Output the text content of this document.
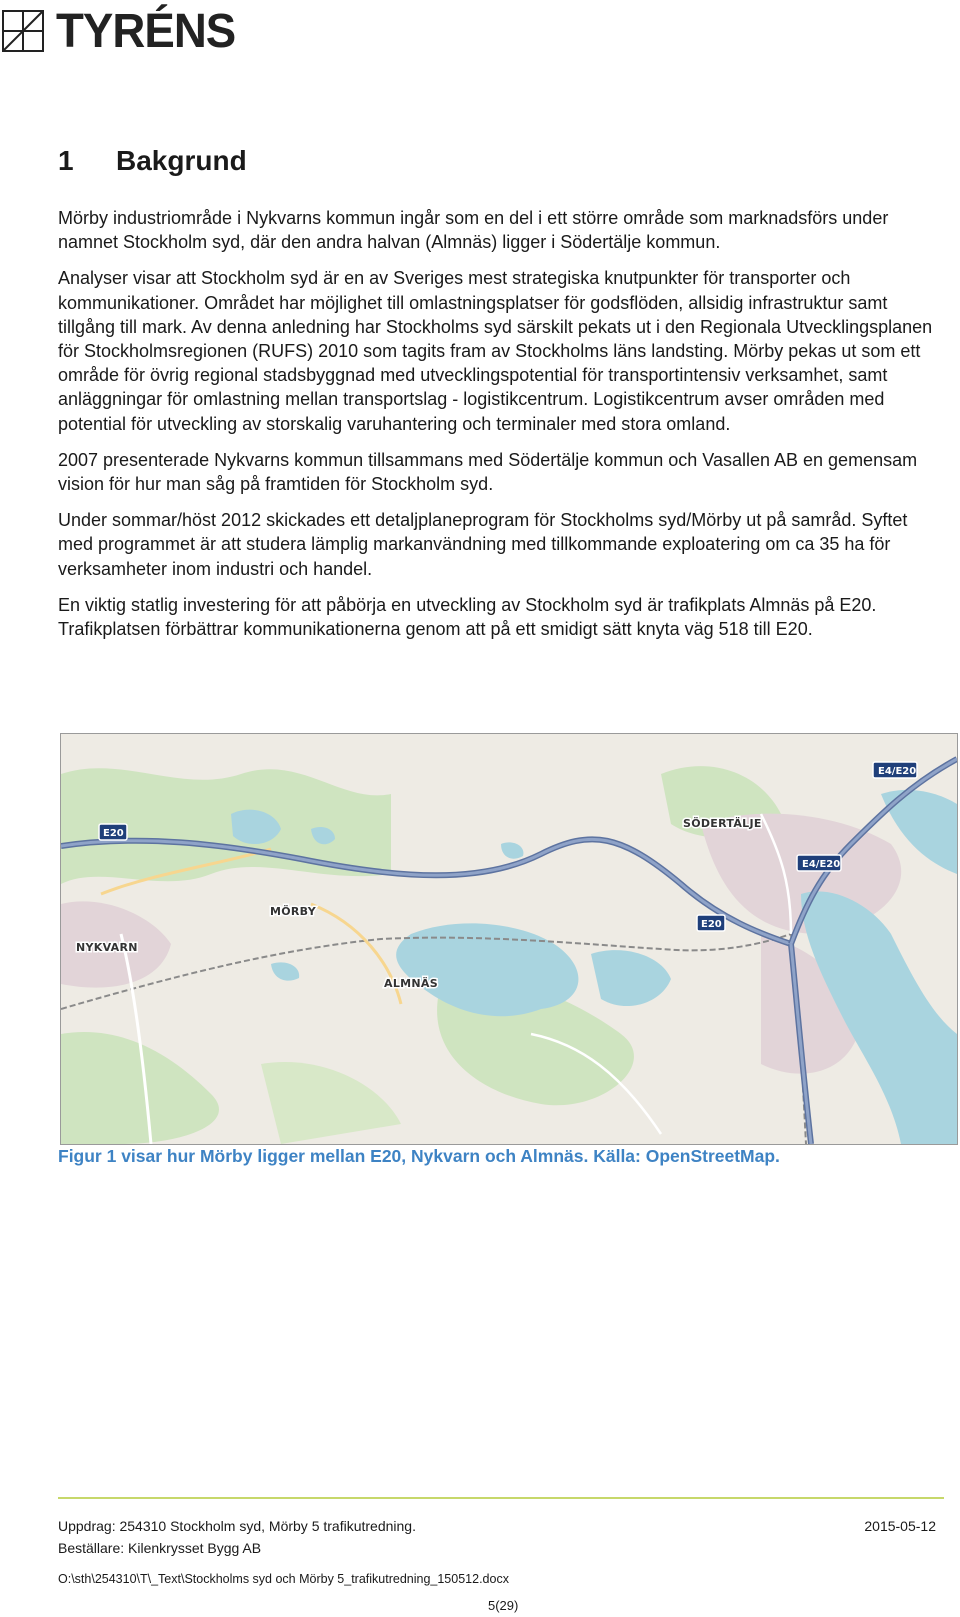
TYRÉNS
1 Bakgrund

Mörby industriområde i Nykvarns kommun ingår som en del i ett större område som marknadsförs under namnet Stockholm syd, där den andra halvan (Almnäs) ligger i Södertälje kommun.

Analyser visar att Stockholm syd är en av Sveriges mest strategiska knutpunkter för transporter och kommunikationer. Området har möjlighet till omlastningsplatser för godsflöden, allsidig infrastruktur samt tillgång till mark. Av denna anledning har Stockholms syd särskilt pekats ut i den Regionala Utvecklingsplanen för Stockholmsregionen (RUFS) 2010 som tagits fram av Stockholms läns landsting. Mörby pekas ut som ett område för övrig regional stadsbyggnad med utvecklingspotential för transportintensiv verksamhet, samt anläggningar för omlastning mellan transportslag - logistikcentrum. Logistikcentrum avser områden med potential för utveckling av storskalig varuhantering och terminaler med stora omland.

2007 presenterade Nykvarns kommun tillsammans med Södertälje kommun och Vasallen AB en gemensam vision för hur man såg på framtiden för Stockholm syd.

Under sommar/höst 2012 skickades ett detaljplaneprogram för Stockholms syd/Mörby ut på samråd. Syftet med programmet är att studera lämplig markanvändning med tillkommande exploatering om ca 35 ha för verksamheter inom industri och handel.

En viktig statlig investering för att påbörja en utveckling av Stockholm syd är trafikplats Almnäs på E20. Trafikplatsen förbättrar kommunikationerna genom att på ett smidigt sätt knyta väg 518 till E20.

SÖDERTÄLJE
MÖRBY
NYKVARN
ALMNÄS
E4/E20
E20
E4/E20
E20

Figur 1 visar hur Mörby ligger mellan E20, Nykvarn och Almnäs. Källa: OpenStreetMap.

Uppdrag: 254310 Stockholm syd, Mörby 5 trafikutredning.	2015-05-12
Beställare: Kilenkrysset Bygg AB
O:\sth\254310\T\_Text\Stockholms syd och Mörby 5_trafikutredning_150512.docx
5(29)
